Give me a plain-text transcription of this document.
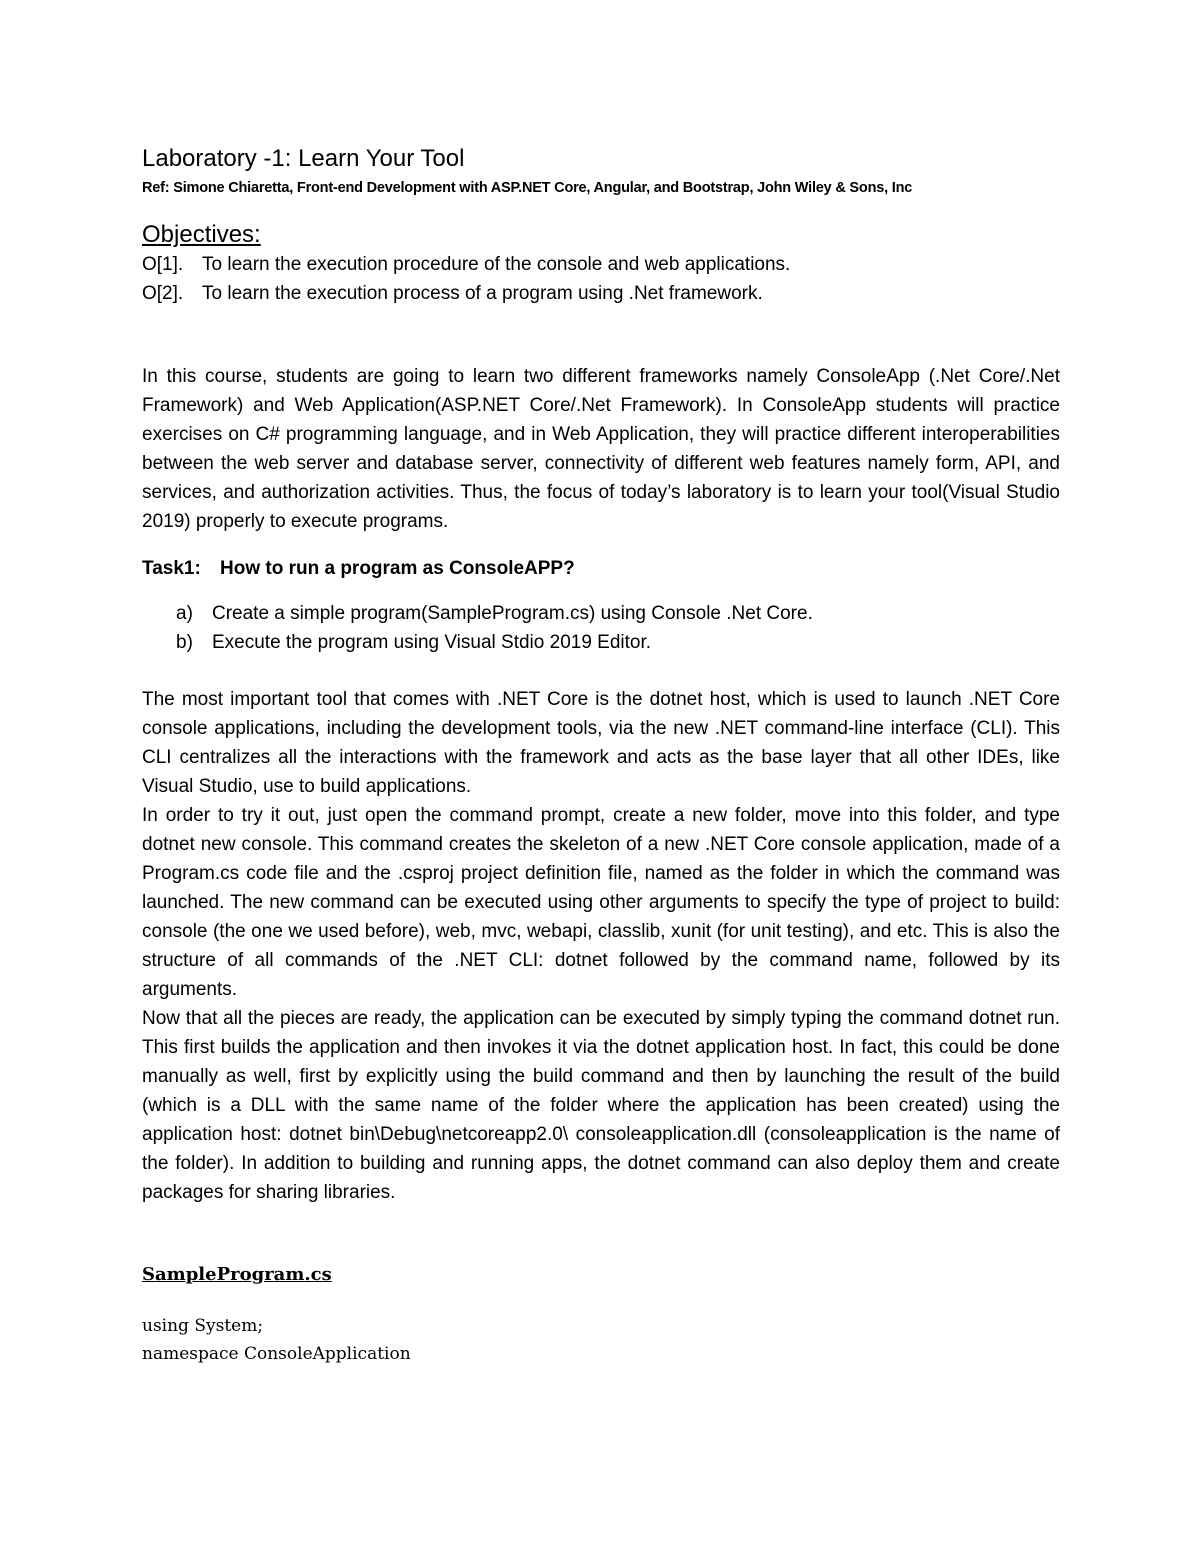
Laboratory -1: Learn Your Tool

Ref: Simone Chiaretta, Front-end Development with ASP.NET Core, Angular, and Bootstrap, John Wiley & Sons, Inc

Objectives:

O[1]. To learn the execution procedure of the console and web applications.

O[2]. To learn the execution process of a program using .Net framework.

In this course, students are going to learn two different frameworks namely ConsoleApp (.Net Core/.Net Framework) and Web Application(ASP.NET Core/.Net Framework). In ConsoleApp students will practice exercises on C# programming language, and in Web Application, they will practice different interoperabilities between the web server and database server, connectivity of different web features namely form, API, and services, and authorization activities. Thus, the focus of today’s laboratory is to learn your tool(Visual Studio 2019) properly to execute programs.

Task1: How to run a program as ConsoleAPP?

a) Create a simple program(SampleProgram.cs) using Console .Net Core.
b) Execute the program using Visual Stdio 2019 Editor.

The most important tool that comes with .NET Core is the dotnet host, which is used to launch .NET Core console applications, including the development tools, via the new .NET command-line interface (CLI). This CLI centralizes all the interactions with the framework and acts as the base layer that all other IDEs, like Visual Studio, use to build applications.

In order to try it out, just open the command prompt, create a new folder, move into this folder, and type dotnet new console. This command creates the skeleton of a new .NET Core console application, made of a Program.cs code file and the .csproj project definition file, named as the folder in which the command was launched. The new command can be executed using other arguments to specify the type of project to build: console (the one we used before), web, mvc, webapi, classlib, xunit (for unit testing), and etc. This is also the structure of all commands of the .NET CLI: dotnet followed by the command name, followed by its arguments.

Now that all the pieces are ready, the application can be executed by simply typing the command dotnet run. This first builds the application and then invokes it via the dotnet application host. In fact, this could be done manually as well, first by explicitly using the build command and then by launching the result of the build (which is a DLL with the same name of the folder where the application has been created) using the application host: dotnet bin\Debug\netcoreapp2.0\ consoleapplication.dll (consoleapplication is the name of the folder). In addition to building and running apps, the dotnet command can also deploy them and create packages for sharing libraries.

SampleProgram.cs

using System;

namespace ConsoleApplication
